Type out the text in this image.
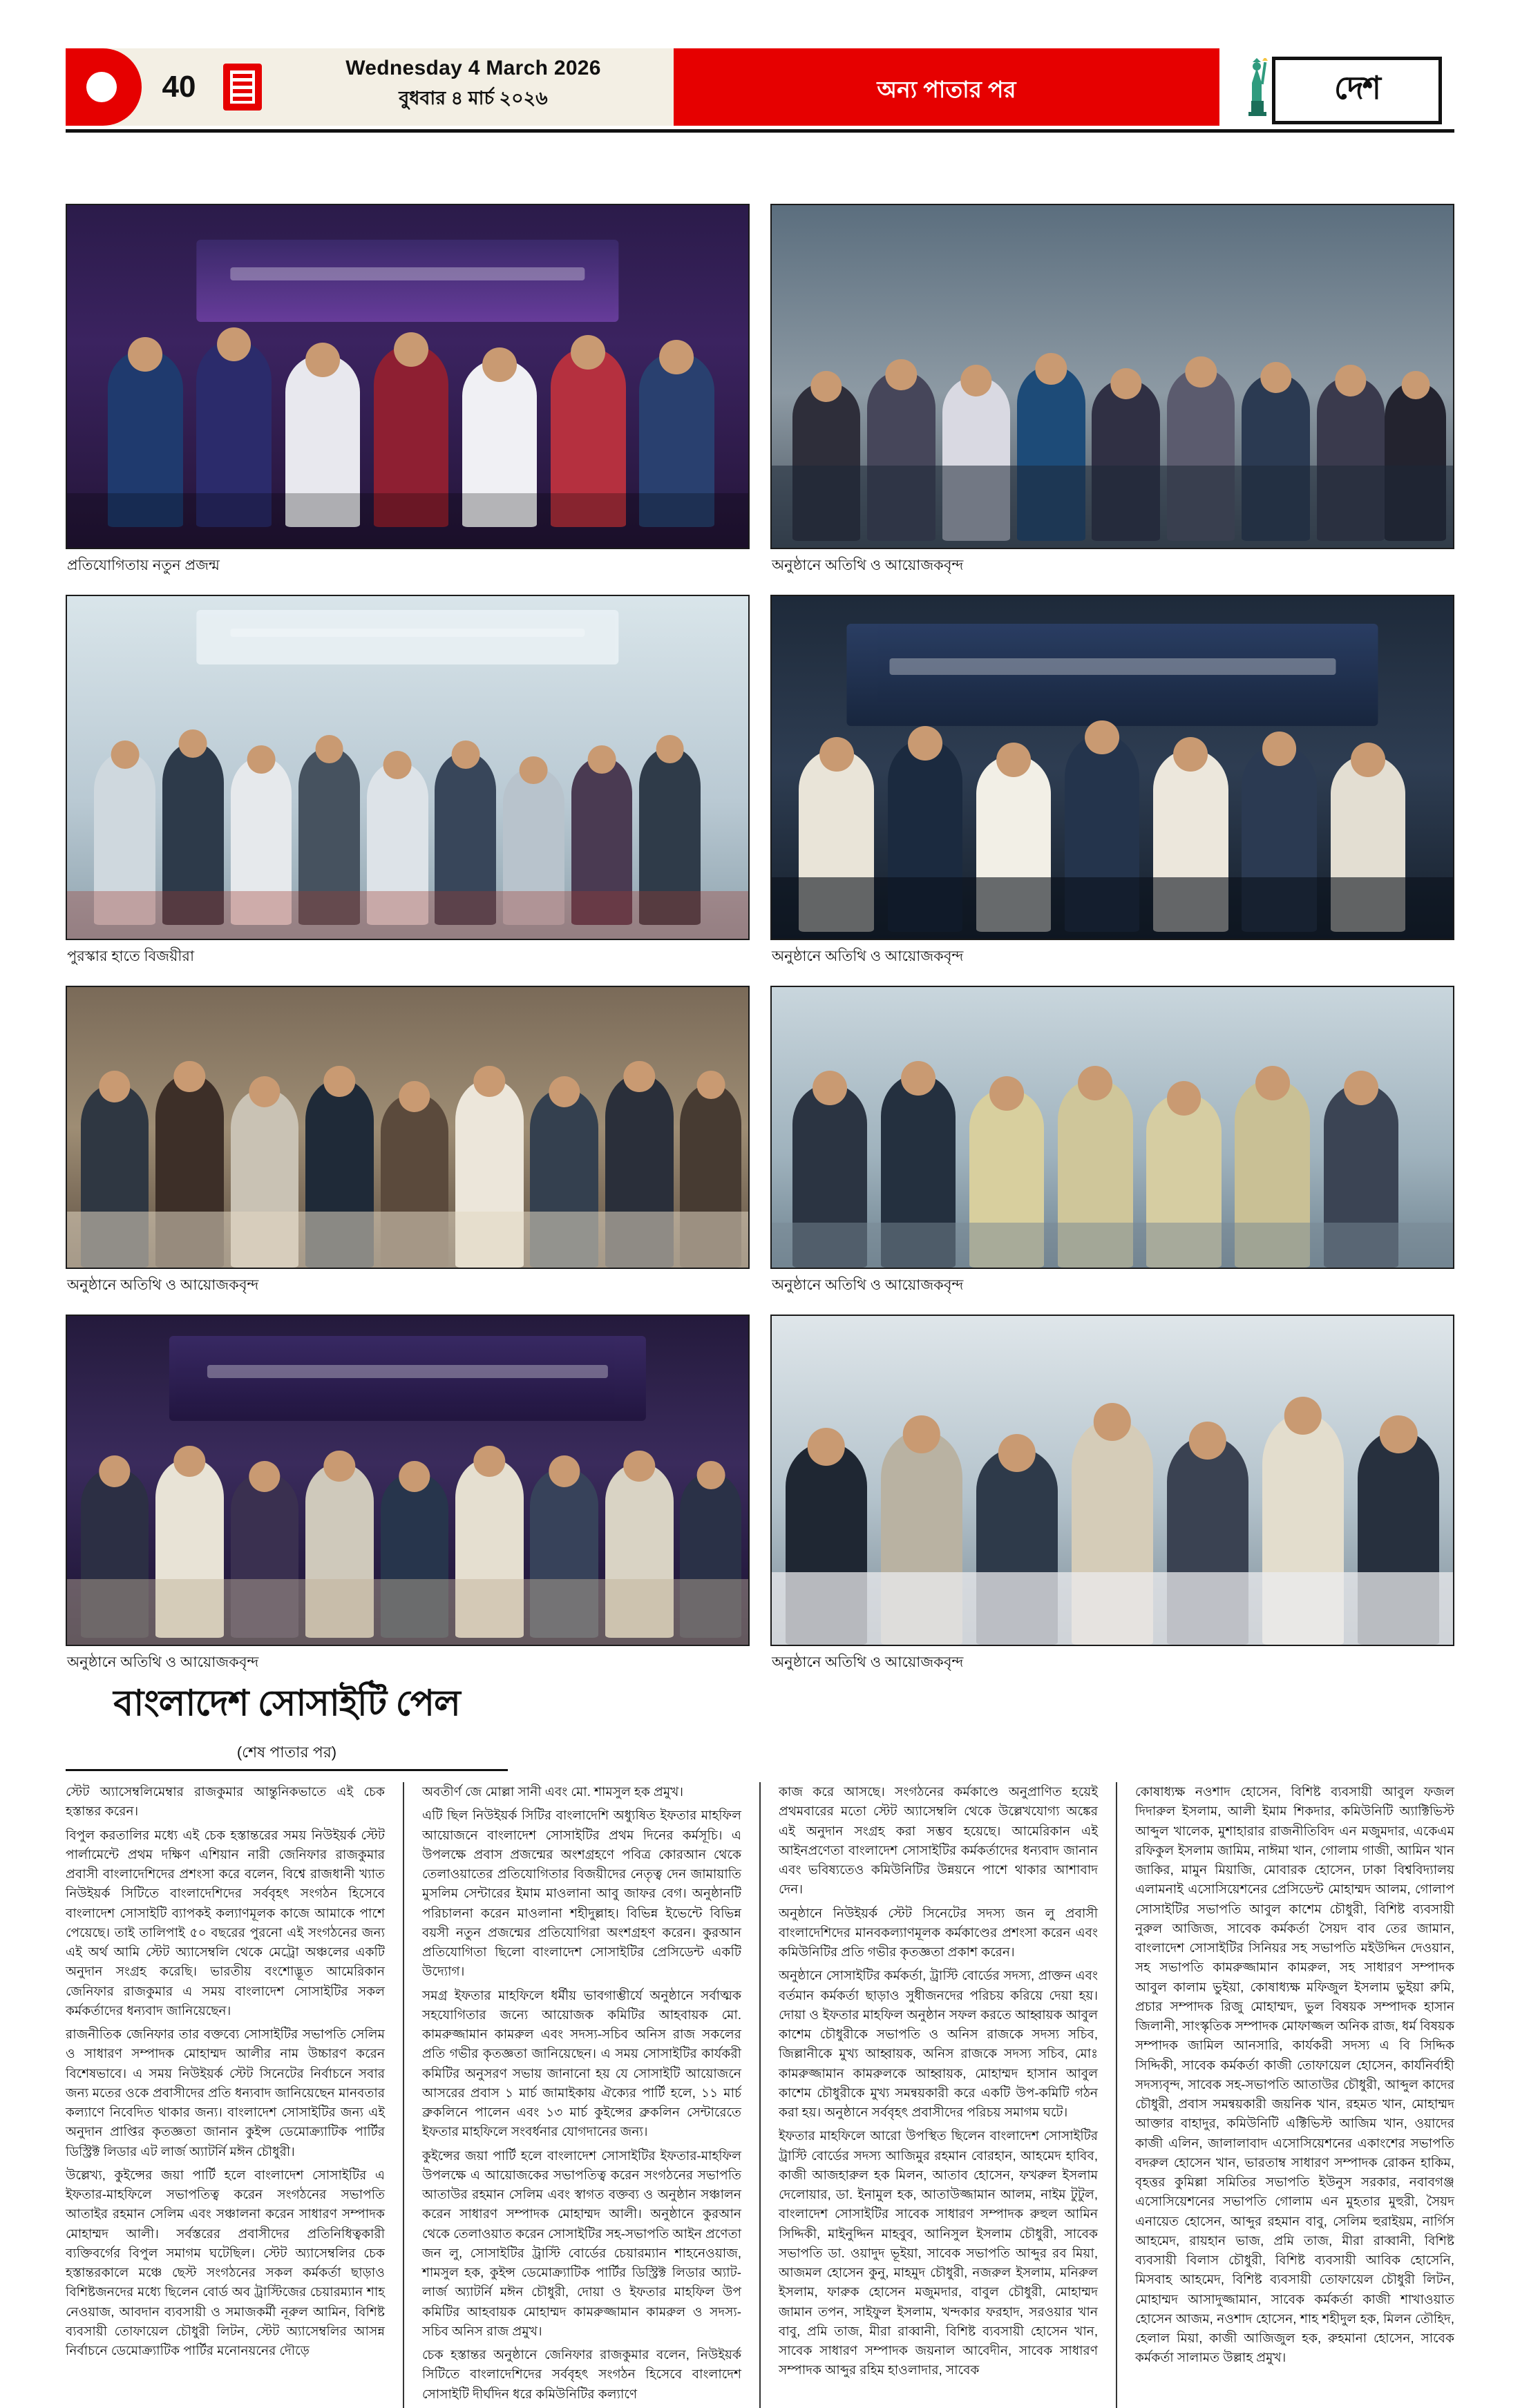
40
Wednesday 4 March 2026
বুধবার ৪ মার্চ ২০২৬	অন্য পাতার পর	দেশ
প্রতিযোগিতায় নতুন প্রজন্ম	অনুষ্ঠানে অতিথি ও আয়োজকবৃন্দ
পুরস্কার হাতে বিজয়ীরা	অনুষ্ঠানে অতিথি ও আয়োজকবৃন্দ
অনুষ্ঠানে অতিথি ও আয়োজকবৃন্দ	অনুষ্ঠানে অতিথি ও আয়োজকবৃন্দ
অনুষ্ঠানে অতিথি ও আয়োজকবৃন্দ	অনুষ্ঠানে অতিথি ও আয়োজকবৃন্দ
বাংলাদেশ সোসাইটি পেল
(শেষ পাতার পর)

স্টেট অ্যাসেম্বলিমেম্বার রাজকুমার আন্তুনিকভাতে এই চেক হস্তান্তর করেন।

বিপুল করতালির মধ্যে এই চেক হস্তান্তরের সময় নিউইয়র্ক স্টেট পার্লামেন্টে প্রথম দক্ষিণ এশিয়ান নারী জেনিফার রাজকুমার প্রবাসী বাংলাদেশিদের প্রশংসা করে বলেন, বিশ্বে রাজধানী খ্যাত নিউইয়র্ক সিটিতে বাংলাদেশিদের সর্ববৃহৎ সংগঠন হিসেবে বাংলাদেশ সোসাইটি ব্যাপকই কল্যাণমূলক কাজে আমাকে পাশে পেয়েছে। তাই তালিপাই ৫০ বছরের পুরনো এই সংগঠনের জন্য এই অর্থ আমি স্টেট অ্যাসেম্বলি থেকে মেট্রো অঞ্চলের একটি অনুদান সংগ্রহ করেছি। ভারতীয় বংশোদ্ভূত আমেরিকান জেনিফার রাজকুমার এ সময় বাংলাদেশ সোসাইটির সকল কর্মকর্তাদের ধন্যবাদ জানিয়েছেন।

রাজনীতিক জেনিফার তার বক্তব্যে সোসাইটির সভাপতি সেলিম ও সাধারণ সম্পাদক মোহাম্মদ আলীর নাম উচ্চারণ করেন বিশেষভাবে। এ সময় নিউইয়র্ক স্টেট সিনেটের নির্বাচনে সবার জন্য মতের ওকে প্রবাসীদের প্রতি ধন্যবাদ জানিয়েছেন মানবতার কল্যাণে নিবেদিত থাকার জন্য। বাংলাদেশ সোসাইটির জন্য এই অনুদান প্রাপ্তির কৃতজ্ঞতা জানান কুইন্স ডেমোক্র্যাটিক পার্টির ডিস্ট্রিক্ট লিডার এট লার্জ অ্যাটর্নি মঈন চৌধুরী।

উল্লেখ্য, কুইন্সের জয়া পার্টি হলে বাংলাদেশ সোসাইটির এ ইফতার-মাহফিলে সভাপতিত্ব করেন সংগঠনের সভাপতি আতাইর রহমান সেলিম এবং সঞ্চালনা করেন সাধারণ সম্পাদক মোহাম্মদ আলী। সর্বস্তরের প্রবাসীদের প্রতিনিধিত্বকারী ব্যক্তিবর্গের বিপুল সমাগম ঘটেছিল। স্টেট অ্যাসেম্বলির চেক হস্তান্তরকালে মঞ্চে ছেস্ট সংগঠনের সকল কর্মকর্তা ছাড়াও বিশিষ্টজনদের মধ্যে ছিলেন বোর্ড অব ট্রাস্টিজের চেয়ারম্যান শাহ নেওয়াজ, আবদান ব্যবসায়ী ও সমাজকর্মী নূরুল আমিন, বিশিষ্ট ব্যবসায়ী তোফায়েল চৌধুরী লিটন, স্টেট অ্যাসেম্বলির আসন্ন নির্বাচনে ডেমোক্র্যাটিক পার্টির মনোনয়নের দৌড়ে

অবতীর্ণ জে মোল্লা সানী এবং মো. শামসুল হক প্রমুখ।

এটি ছিল নিউইয়র্ক সিটির বাংলাদেশি অধ্যুষিত ইফতার মাহফিল আয়োজনে বাংলাদেশ সোসাইটির প্রথম দিনের কর্মসূচি। এ উপলক্ষে প্রবাস প্রজন্মের অংশগ্রহণে পবিত্র কোরআন থেকে তেলাওয়াতের প্রতিযোগিতার বিজয়ীদের নেতৃত্ব দেন জামায়াতি মুসলিম সেন্টারের ইমাম মাওলানা আবু জাফর বেগ। অনুষ্ঠানটি পরিচালনা করেন মাওলানা শহীদুল্লাহ। বিভিন্ন ইভেন্টে বিভিন্ন বয়সী নতুন প্রজন্মের প্রতিযোগিরা অংশগ্রহণ করেন। কুরআন প্রতিযোগিতা ছিলো বাংলাদেশ সোসাইটির প্রেসিডেন্ট একটি উদ্যোগ।

সমগ্র ইফতার মাহফিলে ধর্মীয় ভাবগাম্ভীর্যে অনুষ্ঠানে সর্বাত্মক সহযোগিতার জন্যে আয়োজক কমিটির আহবায়ক মো. কামরুজ্জামান কামরুল এবং সদস্য-সচিব অনিস রাজ সকলের প্রতি গভীর কৃতজ্ঞতা জানিয়েছেন। এ সময় সোসাইটির কার্যকরী কমিটির অনুসরণ সভায় জানানো হয় যে সোসাইটি আয়োজনে আসরের প্রবাস ১ মার্চ জামাইকায় ঐক্যের পার্টি হলে, ১১ মার্চ ব্রুকলিনে পালেন এবং ১৩ মার্চ কুইন্সের ব্রুকলিন সেন্টারেতে ইফতার মাহফিলে সংবর্ধনার যোগদানের জন্য।

কুইন্সের জয়া পার্টি হলে বাংলাদেশ সোসাইটির ইফতার-মাহফিল উপলক্ষে এ আয়োজকের সভাপতিত্ব করেন সংগঠনের সভাপতি আতাউর রহমান সেলিম এবং স্বাগত বক্তব্য ও অনুষ্ঠান সঞ্চালন করেন সাধারণ সম্পাদক মোহাম্মদ আলী। অনুষ্ঠানে কুরআন থেকে তেলাওয়াত করেন সোসাইটির সহ-সভাপতি আইন প্রণেতা জন লু, সোসাইটির ট্রাস্টি বোর্ডের চেয়ারম্যান শাহনেওয়াজ, শামসুল হক, কুইন্স ডেমোক্র্যাটিক পার্টির ডিস্ট্রিক্ট লিডার অ্যাট-লার্জ অ্যাটর্নি মঈন চৌধুরী, দোয়া ও ইফতার মাহফিল উপ কমিটির আহবায়ক মোহাম্মদ কামরুজ্জামান কামরুল ও সদস্য-সচিব অনিস রাজ প্রমুখ।

চেক হস্তান্তর অনুষ্ঠানে জেনিফার রাজকুমার বলেন, নিউইয়র্ক সিটিতে বাংলাদেশিদের সর্ববৃহৎ সংগঠন হিসেবে বাংলাদেশ সোসাইটি দীর্ঘদিন ধরে কমিউনিটির কল্যাণে

কাজ করে আসছে। সংগঠনের কর্মকাণ্ডে অনুপ্রাণিত হয়েই প্রথমবারের মতো স্টেট অ্যাসেম্বলি থেকে উল্লেখযোগ্য অঙ্কের এই অনুদান সংগ্রহ করা সম্ভব হয়েছে। আমেরিকান এই আইনপ্রণেতা বাংলাদেশ সোসাইটির কর্মকর্তাদের ধন্যবাদ জানান এবং ভবিষ্যতেও কমিউনিটির উন্নয়নে পাশে থাকার আশাবাদ দেন।

অনুষ্ঠানে নিউইয়র্ক স্টেট সিনেটের সদস্য জন লু প্রবাসী বাংলাদেশিদের মানবকল্যাণমূলক কর্মকাণ্ডের প্রশংসা করেন এবং কমিউনিটির প্রতি গভীর কৃতজ্ঞতা প্রকাশ করেন।

অনুষ্ঠানে সোসাইটির কর্মকর্তা, ট্রাস্টি বোর্ডের সদস্য, প্রাক্তন এবং বর্তমান কর্মকর্তা ছাড়াও সুধীজনদের পরিচয় করিয়ে দেয়া হয়। দোয়া ও ইফতার মাহফিল অনুষ্ঠান সফল করতে আহ্বায়ক আবুল কাশেম চৌধুরীকে সভাপতি ও অনিস রাজকে সদস্য সচিব, জিল্লানীকে মুখ্য আহ্বায়ক, অনিস রাজকে সদস্য সচিব, মোঃ কামরুজ্জামান কামরুলকে আহ্বায়ক, মোহাম্মদ হাসান আবুল কাশেম চৌধুরীকে মুখ্য সমন্বয়কারী করে একটি উপ-কমিটি গঠন করা হয়। অনুষ্ঠানে সর্ববৃহৎ প্রবাসীদের পরিচয় সমাগম ঘটে।

ইফতার মাহফিলে আরো উপস্থিত ছিলেন বাংলাদেশ সোসাইটির ট্রাস্টি বোর্ডের সদস্য আজিমুর রহমান বোরহান, আহমেদ হাবিব, কাজী আজহারুল হক মিলন, আতাব হোসেন, ফখরুল ইসলাম দেলোয়ার, ডা. ইনামুল হক, আতাউজ্জামান আলম, নাইম টুটুল, বাংলাদেশ সোসাইটির সাবেক সাধারণ সম্পাদক রুহুল আমিন সিদ্দিকী, মাইনুদ্দিন মাহবুব, আনিসুল ইসলাম চৌধুরী, সাবেক সভাপতি ডা. ওয়াদুদ ভূইয়া, সাবেক সভাপতি আব্দুর রব মিয়া, আজমল হোসেন কুনু, মাহমুদ চৌধুরী, নজরুল ইসলাম, মনিরুল ইসলাম, ফারুক হোসেন মজুমদার, বাবুল চৌধুরী, মোহাম্মদ জামান তপন, সাইফুল ইসলাম, খন্দকার ফরহাদ, সরওয়ার খান বাবু, প্রমি তাজ, মীরা রাব্বানী, বিশিষ্ট ব্যবসায়ী হোসেন খান, সাবেক সাধারণ সম্পাদক জয়নাল আবেদীন, সাবেক সাধারণ সম্পাদক আব্দুর রহিম হাওলাদার, সাবেক

কোষাধ্যক্ষ নওশাদ হোসেন, বিশিষ্ট ব্যবসায়ী আবুল ফজল দিদারুল ইসলাম, আলী ইমাম শিকদার, কমিউনিটি অ্যাক্টিভিস্ট আব্দুল খালেক, মুশাহারার রাজনীতিবিদ এন মজুমদার, একেএম রফিকুল ইসলাম জামিম, নাঈমা খান, গোলাম গাজী, আমিন খান জাকির, মামুন মিয়াজি, মোবারক হোসেন, ঢাকা বিশ্ববিদ্যালয় এলামনাই এসোসিয়েশনের প্রেসিডেন্ট মোহাম্মদ আলম, গোলাপ সোসাইটির সভাপতি আবুল কাশেম চৌধুরী, বিশিষ্ট ব্যবসায়ী নুরুল আজিজ, সাবেক কর্মকর্তা সৈয়দ বাব তের জামান, বাংলাদেশ সোসাইটির সিনিয়র সহ সভাপতি মইউদ্দিন দেওয়ান, সহ সভাপতি কামরুজ্জামান কামরুল, সহ সাধারণ সম্পাদক আবুল কালাম ভুইয়া, কোষাধ্যক্ষ মফিজুল ইসলাম ভুইয়া রুমি, প্রচার সম্পাদক রিজু মোহাম্মদ, ভুল বিষয়ক সম্পাদক হাসান জিলানী, সাংস্কৃতিক সম্পাদক মোফাজ্জল অনিক রাজ, ধর্ম বিষয়ক সম্পাদক জামিল আনসারি, কার্যকরী সদস্য এ বি সিদ্দিক সিদ্দিকী, সাবেক কর্মকর্তা কাজী তোফায়েল হোসেন, কার্যনির্বাহী সদস্যবৃন্দ, সাবেক সহ-সভাপতি আতাউর চৌধুরী, আব্দুল কাদের চৌধুরী, প্রবাস সমন্বয়কারী জয়নিক খান, রহমত খান, মোহাম্মদ আক্তার বাহাদুর, কমিউনিটি এক্টিভিস্ট আজিম খান, ওয়াদের কাজী এলিন, জালালাবাদ এসোসিয়েশনের একাংশের সভাপতি বদরুল হোসেন খান, ভারতাম্ব সাধারণ সম্পাদক রোকন হাকিম, বৃহত্তর কুমিল্লা সমিতির সভাপতি ইউনুস সরকার, নবাবগঞ্জ এসোসিয়েশনের সভাপতি গোলাম এন মুহতার মুহুরী, সৈয়দ এনায়েত হোসেন, আব্দুর রহমান বাবু, সেলিম হুরাইয়ম, নার্গিস আহমেদ, রায়হান ভাজ, প্রমি তাজ, মীরা রাব্বানী, বিশিষ্ট ব্যবসায়ী বিলাস চৌধুরী, বিশিষ্ট ব্যবসায়ী আবিক হোসেনি, মিসবাহ আহমেদ, বিশিষ্ট ব্যবসায়ী তোফায়েল চৌধুরী লিটন, মোহাম্মদ আসাদুজ্জামান, সাবেক কর্মকর্তা কাজী শাখাওয়াত হোসেন আজম, নওশাদ হোসেন, শাহ শহীদুল হক, মিলন তৌহিদ, হেলাল মিয়া, কাজী আজিজুল হক, রুহমানা হোসেন, সাবেক কর্মকর্তা সালামত উল্লাহ প্রমুখ।
